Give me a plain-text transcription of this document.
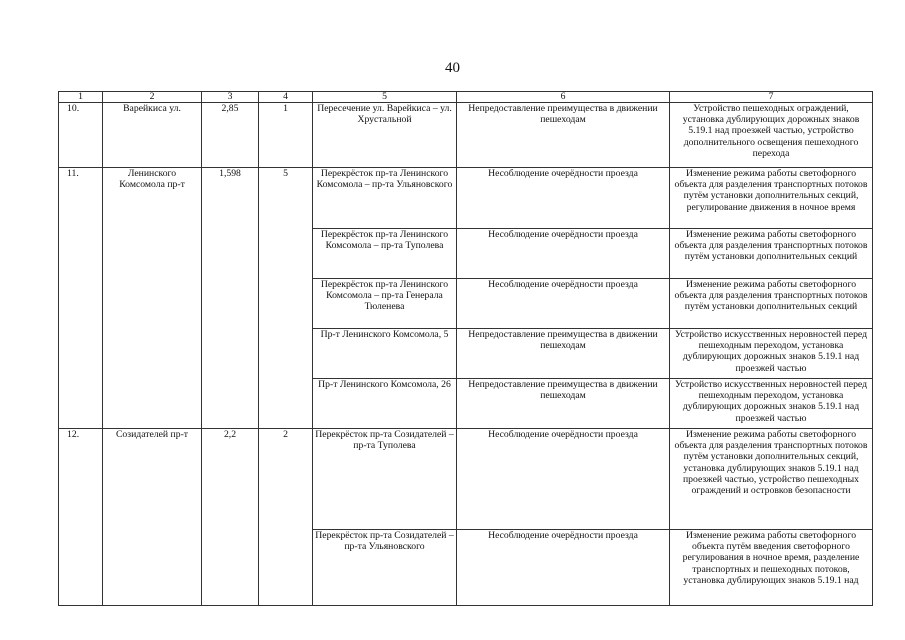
40
1	2	3	4	5	6	7
10.	Варейкиса ул.	2,85	1	Пересечение ул. Варейкиса – ул. Хрустальной	Непредоставление преимущества в движении пешеходам	Устройство пешеходных ограждений, установка дублирующих дорожных знаков 5.19.1 над проезжей частью, устройство дополнительного освещения пешеходного перехода
11.	Ленинского Комсомола пр-т	1,598	5	Перекрёсток пр-та Ленинского Комсомола – пр-та Ульяновского	Несоблюдение очерёдности проезда	Изменение режима работы светофорного объекта для разделения транспортных потоков путём установки дополнительных секций, регулирование движения в ночное время
				Перекрёсток пр-та Ленинского Комсомола – пр-та Туполева	Несоблюдение очерёдности проезда	Изменение режима работы светофорного объекта для разделения транспортных потоков путём установки дополнительных секций
				Перекрёсток пр-та Ленинского Комсомола – пр-та Генерала Тюленева	Несоблюдение очерёдности проезда	Изменение режима работы светофорного объекта для разделения транспортных потоков путём установки дополнительных секций
				Пр-т Ленинского Комсомола, 5	Непредоставление преимущества в движении пешеходам	Устройство искусственных неровностей перед пешеходным переходом, установка дублирующих дорожных знаков 5.19.1 над проезжей частью
				Пр-т Ленинского Комсомола, 26	Непредоставление преимущества в движении пешеходам	Устройство искусственных неровностей перед пешеходным переходом, установка дублирующих дорожных знаков 5.19.1 над проезжей частью
12.	Созидателей пр-т	2,2	2	Перекрёсток пр-та Созидателей – пр-та Туполева	Несоблюдение очерёдности проезда	Изменение режима работы светофорного объекта для разделения транспортных потоков путём установки дополнительных секций, установка дублирующих знаков 5.19.1 над проезжей частью, устройство пешеходных ограждений и островков безопасности
				Перекрёсток пр-та Созидателей – пр-та Ульяновского	Несоблюдение очерёдности проезда	Изменение режима работы светофорного объекта путём введения светофорного регулирования в ночное время, разделение транспортных и пешеходных потоков, установка дублирующих знаков 5.19.1 над
